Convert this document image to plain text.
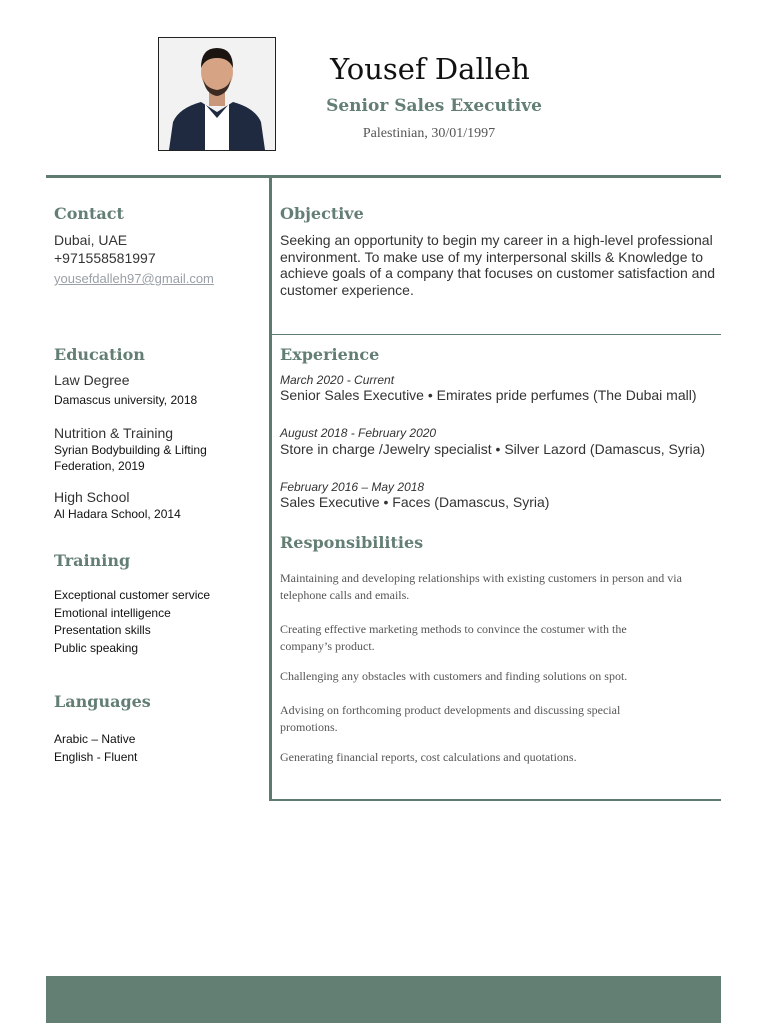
Yousef Dalleh
Senior Sales Executive
Palestinian, 30/01/1997
Contact
Dubai, UAE
+971558581997
yousefdalleh97@gmail.com
Education
Law Degree
Damascus university, 2018
Nutrition & Training
Syrian Bodybuilding & Lifting Federation, 2019
High School
Al Hadara School, 2014
Training
Exceptional customer service
Emotional intelligence
Presentation skills
Public speaking
Languages
Arabic – Native
English - Fluent
Objective
Seeking an opportunity to begin my career in a high-level professional environment. To make use of my interpersonal skills & Knowledge to achieve goals of a company that focuses on customer satisfaction and customer experience.
Experience
March 2020 - Current
Senior Sales Executive • Emirates pride perfumes (The Dubai mall)
August 2018 - February 2020
Store in charge /Jewelry specialist • Silver Lazord (Damascus, Syria)
February 2016 – May 2018
Sales Executive • Faces (Damascus, Syria)
Responsibilities
Maintaining and developing relationships with existing customers in person and via telephone calls and emails.
Creating effective marketing methods to convince the costumer with the company’s product.
Challenging any obstacles with customers and finding solutions on spot.
Advising on forthcoming product developments and discussing special promotions.
Generating financial reports, cost calculations and quotations.
